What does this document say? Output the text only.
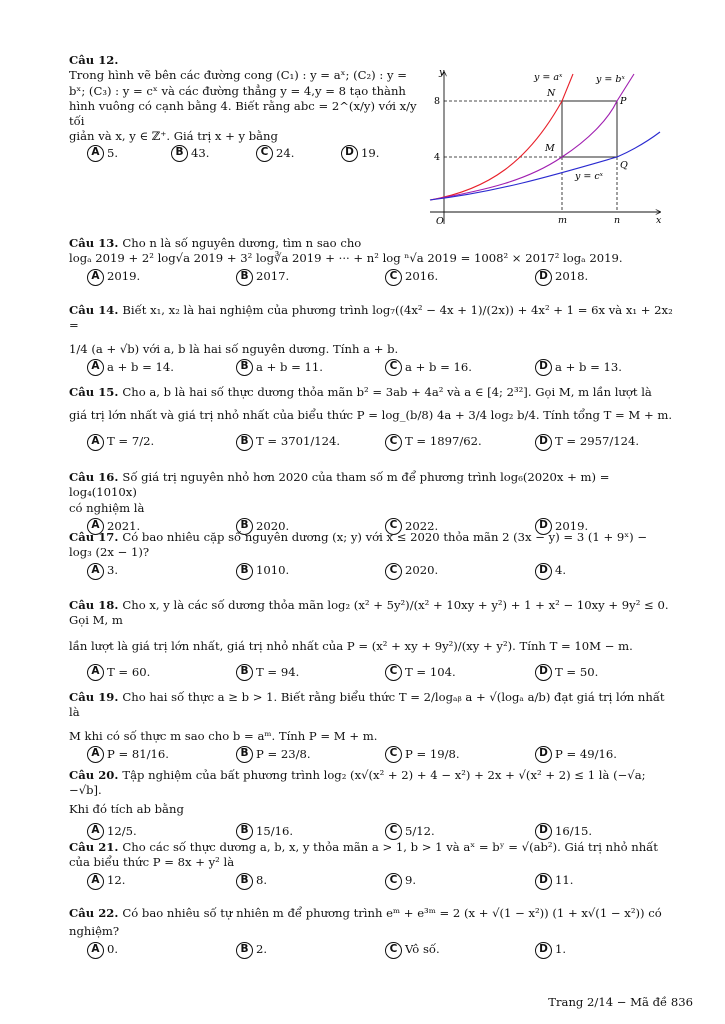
Câu 12.
Trong hình vẽ bên các đường cong (C₁) : y = aˣ; (C₂) : y =
bˣ; (C₃) : y = cˣ và các đường thẳng y = 4,y = 8 tạo thành
hình vuông có cạnh bằng 4. Biết rằng abc = 2^(x/y) với x/y tối
giản và x, y ∈ ℤ⁺. Giá trị x + y bằng
A 5.	B 43.	C 24.	D 19.
y
x
O
y = aˣ	y = bˣ
y = cˣ
N
P
M
Q
8
4
m	n
Câu 13. Cho n là số nguyên dương, tìm n sao cho
logₐ 2019 + 2² log√a 2019 + 3² log∛a 2019 + ··· + n² log ⁿ√a 2019 = 1008² × 2017² logₐ 2019.
A 2019.	B 2017.	C 2016.	D 2018.
Câu 14. Biết x₁, x₂ là hai nghiệm của phương trình log₇((4x² − 4x + 1)/(2x)) + 4x² + 1 = 6x và x₁ + 2x₂ =
1/4 (a + √b) với a, b là hai số nguyên dương. Tính a + b.
A a + b = 14.	B a + b = 11.	C a + b = 16.	D a + b = 13.
Câu 15. Cho a, b là hai số thực dương thỏa mãn b² = 3ab + 4a² và a ∈ [4; 2³²]. Gọi M, m lần lượt là
giá trị lớn nhất và giá trị nhỏ nhất của biểu thức P = log_(b/8) 4a + 3/4 log₂ b/4. Tính tổng T = M + m.
A T = 7/2.	B T = 3701/124.	C T = 1897/62.	D T = 2957/124.
Câu 16. Số giá trị nguyên nhỏ hơn 2020 của tham số m để phương trình log₆(2020x + m) = log₄(1010x)
có nghiệm là
A 2021.	B 2020.	C 2022.	D 2019.
Câu 17. Có bao nhiêu cặp số nguyên dương (x; y) với x ≤ 2020 thỏa mãn 2 (3x − y) = 3 (1 + 9ˣ) −
log₃ (2x − 1)?
A 3.	B 1010.	C 2020.	D 4.
Câu 18. Cho x, y là các số dương thỏa mãn log₂ (x² + 5y²)/(x² + 10xy + y²) + 1 + x² − 10xy + 9y² ≤ 0. Gọi M, m
lần lượt là giá trị lớn nhất, giá trị nhỏ nhất của P = (x² + xy + 9y²)/(xy + y²). Tính T = 10M − m.
A T = 60.	B T = 94.	C T = 104.	D T = 50.
Câu 19. Cho hai số thực a ≥ b > 1. Biết rằng biểu thức T = 2/logₐᵦ a + √(logₐ a/b) đạt giá trị lớn nhất là
M khi có số thực m sao cho b = aᵐ. Tính P = M + m.
A P = 81/16.	B P = 23/8.	C P = 19/8.	D P = 49/16.
Câu 20. Tập nghiệm của bất phương trình log₂ (x√(x² + 2) + 4 − x²) + 2x + √(x² + 2) ≤ 1 là (−√a; −√b].
Khi đó tích ab bằng
A 12/5.	B 15/16.	C 5/12.	D 16/15.
Câu 21. Cho các số thực dương a, b, x, y thỏa mãn a > 1, b > 1 và aˣ = bʸ = √(ab²). Giá trị nhỏ nhất
của biểu thức P = 8x + y² là
A 12.	B 8.	C 9.	D 11.
Câu 22. Có bao nhiêu số tự nhiên m để phương trình eᵐ + e³ᵐ = 2 (x + √(1 − x²)) (1 + x√(1 − x²)) có
nghiệm?
A 0.	B 2.	C Vô số.	D 1.
Trang 2/14 − Mã đề 836
